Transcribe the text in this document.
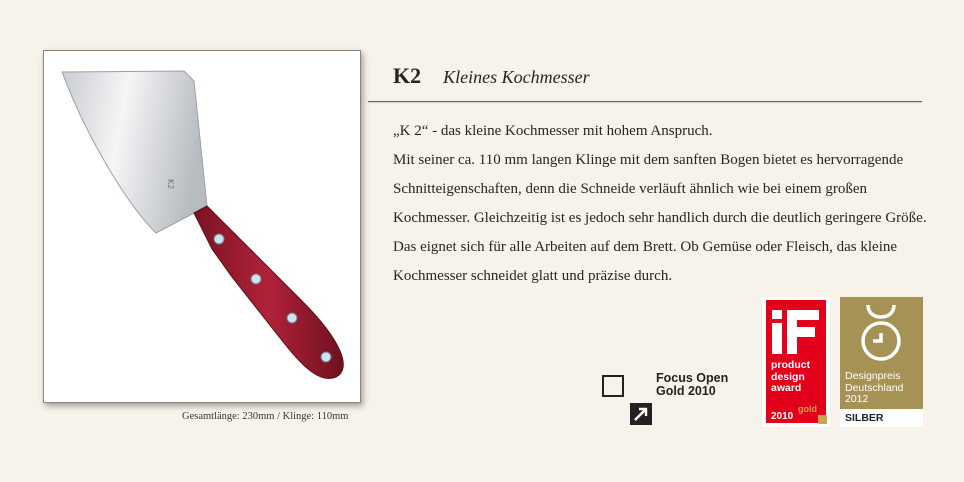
K2
Gesamtlänge: 230mm / Klinge: 110mm
K2 Kleines Kochmesser

„K 2“ - das kleine Kochmesser mit hohem Anspruch.

Mit seiner ca. 110 mm langen Klinge mit dem sanften Bogen bietet es hervorragende Schnitteigenschaften, denn die Schneide verläuft ähnlich wie bei einem großen Kochmesser. Gleichzeitig ist es jedoch sehr handlich durch die deutlich geringere Größe. Das eignet sich für alle Arbeiten auf dem Brett. Ob Gemüse oder Fleisch, das kleine Kochmesser schneidet glatt und präzise durch.

Focus Open
Gold 2010
product
design
award
gold
2010
Designpreis
Deutschland
2012
SILBER
